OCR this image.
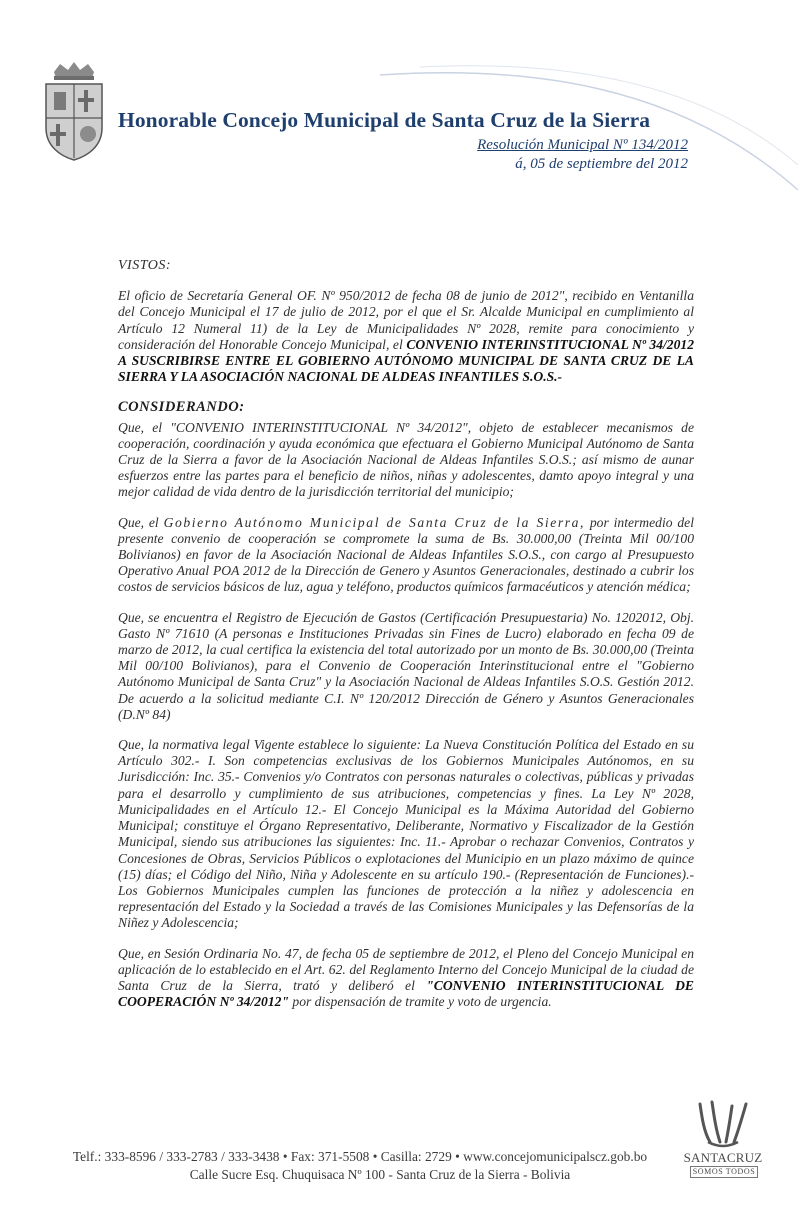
Honorable Concejo Municipal de Santa Cruz de la Sierra
Resolución Municipal Nº 134/2012
á, 05 de septiembre del 2012
VISTOS:
El oficio de Secretaría General OF. Nº 950/2012 de fecha 08 de junio de 2012", recibido en Ventanilla del Concejo Municipal el 17 de julio de 2012, por el que el Sr. Alcalde Municipal en cumplimiento al Artículo 12 Numeral 11) de la Ley de Municipalidades Nº 2028, remite para conocimiento y consideración del Honorable Concejo Municipal, el CONVENIO INTERINSTITUCIONAL Nº 34/2012 A SUSCRIBIRSE ENTRE EL GOBIERNO AUTÓNOMO MUNICIPAL DE SANTA CRUZ DE LA SIERRA Y LA ASOCIACIÓN NACIONAL DE ALDEAS INFANTILES S.O.S.-
CONSIDERANDO:
Que, el "CONVENIO INTERINSTITUCIONAL Nº 34/2012", objeto de establecer mecanismos de cooperación, coordinación y ayuda económica que efectuara el Gobierno Municipal Autónomo de Santa Cruz de la Sierra a favor de la Asociación Nacional de Aldeas Infantiles S.O.S.; así mismo de aunar esfuerzos entre las partes para el beneficio de niños, niñas y adolescentes, damto apoyo integral y una mejor calidad de vida dentro de la jurisdicción territorial del municipio;
Que, el Gobierno Autónomo Municipal de Santa Cruz de la Sierra, por intermedio del presente convenio de cooperación se compromete la suma de Bs. 30.000,00 (Treinta Mil 00/100 Bolivianos) en favor de la Asociación Nacional de Aldeas Infantiles S.O.S., con cargo al Presupuesto Operativo Anual POA 2012 de la Dirección de Genero y Asuntos Generacionales, destinado a cubrir los costos de servicios básicos de luz, agua y teléfono, productos químicos farmacéuticos y atención médica;
Que, se encuentra el Registro de Ejecución de Gastos (Certificación Presupuestaria) No. 1202012, Obj. Gasto Nº 71610 (A personas e Instituciones Privadas sin Fines de Lucro) elaborado en fecha 09 de marzo de 2012, la cual certifica la existencia del total autorizado por un monto de Bs. 30.000,00 (Treinta Mil 00/100 Bolivianos), para el Convenio de Cooperación Interinstitucional entre el "Gobierno Autónomo Municipal de Santa Cruz" y la Asociación Nacional de Aldeas Infantiles S.O.S. Gestión 2012. De acuerdo a la solicitud mediante C.I. Nº 120/2012 Dirección de Género y Asuntos Generacionales (D.Nº 84)
Que, la normativa legal Vigente establece lo siguiente: La Nueva Constitución Política del Estado en su Artículo 302.- I. Son competencias exclusivas de los Gobiernos Municipales Autónomos, en su Jurisdicción: Inc. 35.- Convenios y/o Contratos con personas naturales o colectivas, públicas y privadas para el desarrollo y cumplimiento de sus atribuciones, competencias y fines. La Ley Nº 2028, Municipalidades en el Artículo 12.- El Concejo Municipal es la Máxima Autoridad del Gobierno Municipal; constituye el Órgano Representativo, Deliberante, Normativo y Fiscalizador de la Gestión Municipal, siendo sus atribuciones las siguientes: Inc. 11.- Aprobar o rechazar Convenios, Contratos y Concesiones de Obras, Servicios Públicos o explotaciones del Municipio en un plazo máximo de quince (15) días; el Código del Niño, Niña y Adolescente en su artículo 190.- (Representación de Funciones).- Los Gobiernos Municipales cumplen las funciones de protección a la niñez y adolescencia en representación del Estado y la Sociedad a través de las Comisiones Municipales y las Defensorías de la Niñez y Adolescencia;
Que, en Sesión Ordinaria No. 47, de fecha 05 de septiembre de 2012, el Pleno del Concejo Municipal en aplicación de lo establecido en el Art. 62. del Reglamento Interno del Concejo Municipal de la ciudad de Santa Cruz de la Sierra, trató y deliberó el "CONVENIO INTERINSTITUCIONAL DE COOPERACIÓN Nº 34/2012" por dispensación de tramite y voto de urgencia.
Telf.: 333-8596 / 333-2783 / 333-3438 • Fax: 371-5508 • Casilla: 2729 • www.concejomunicipalscz.gob.bo
Calle Sucre Esq. Chuquisaca Nº 100 - Santa Cruz de la Sierra - Bolivia
SANTACRUZ
SOMOS TODOS
